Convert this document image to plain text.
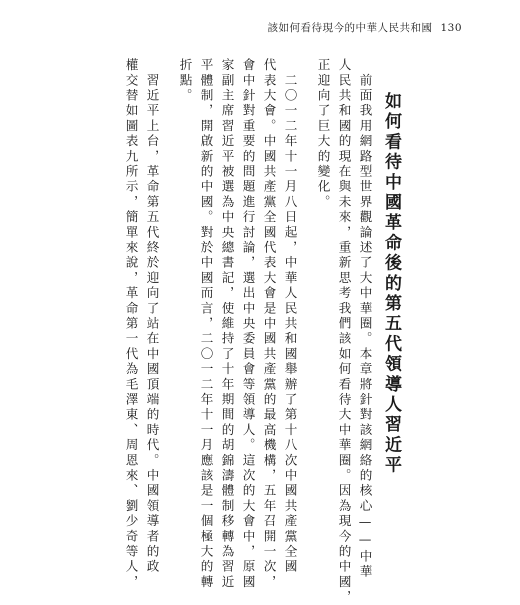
該如何看待現今的中華人民共和國 130
如何看待中國革命後的第五代領導人習近平
　前面我用網路型世界觀論述了大中華圈。本章將針對該網絡的核心——中華
人民共和國的現在與未來，重新思考我們該如何看待大中華圈。因為現今的中國，
正迎向了巨大的變化。
　二〇一二年十一月八日起，中華人民共和國舉辦了第十八次中國共產黨全國
代表大會。中國共產黨全國代表大會是中國共產黨的最高機構，五年召開一次，
會中針對重要的問題進行討論，選出中央委員會等領導人。這次的大會中，原國
家副主席習近平被選為中央總書記，使維持了十年期間的胡錦濤體制移轉為習近
平體制，開啟新的中國。對於中國而言，二〇一二年十一月應該是一個極大的轉
折點。
　習近平上台，革命第五代終於迎向了站在中國頂端的時代。中國領導者的政
權交替如圖表九所示，簡單來說，革命第一代為毛澤東、周恩來、劉少奇等人，
